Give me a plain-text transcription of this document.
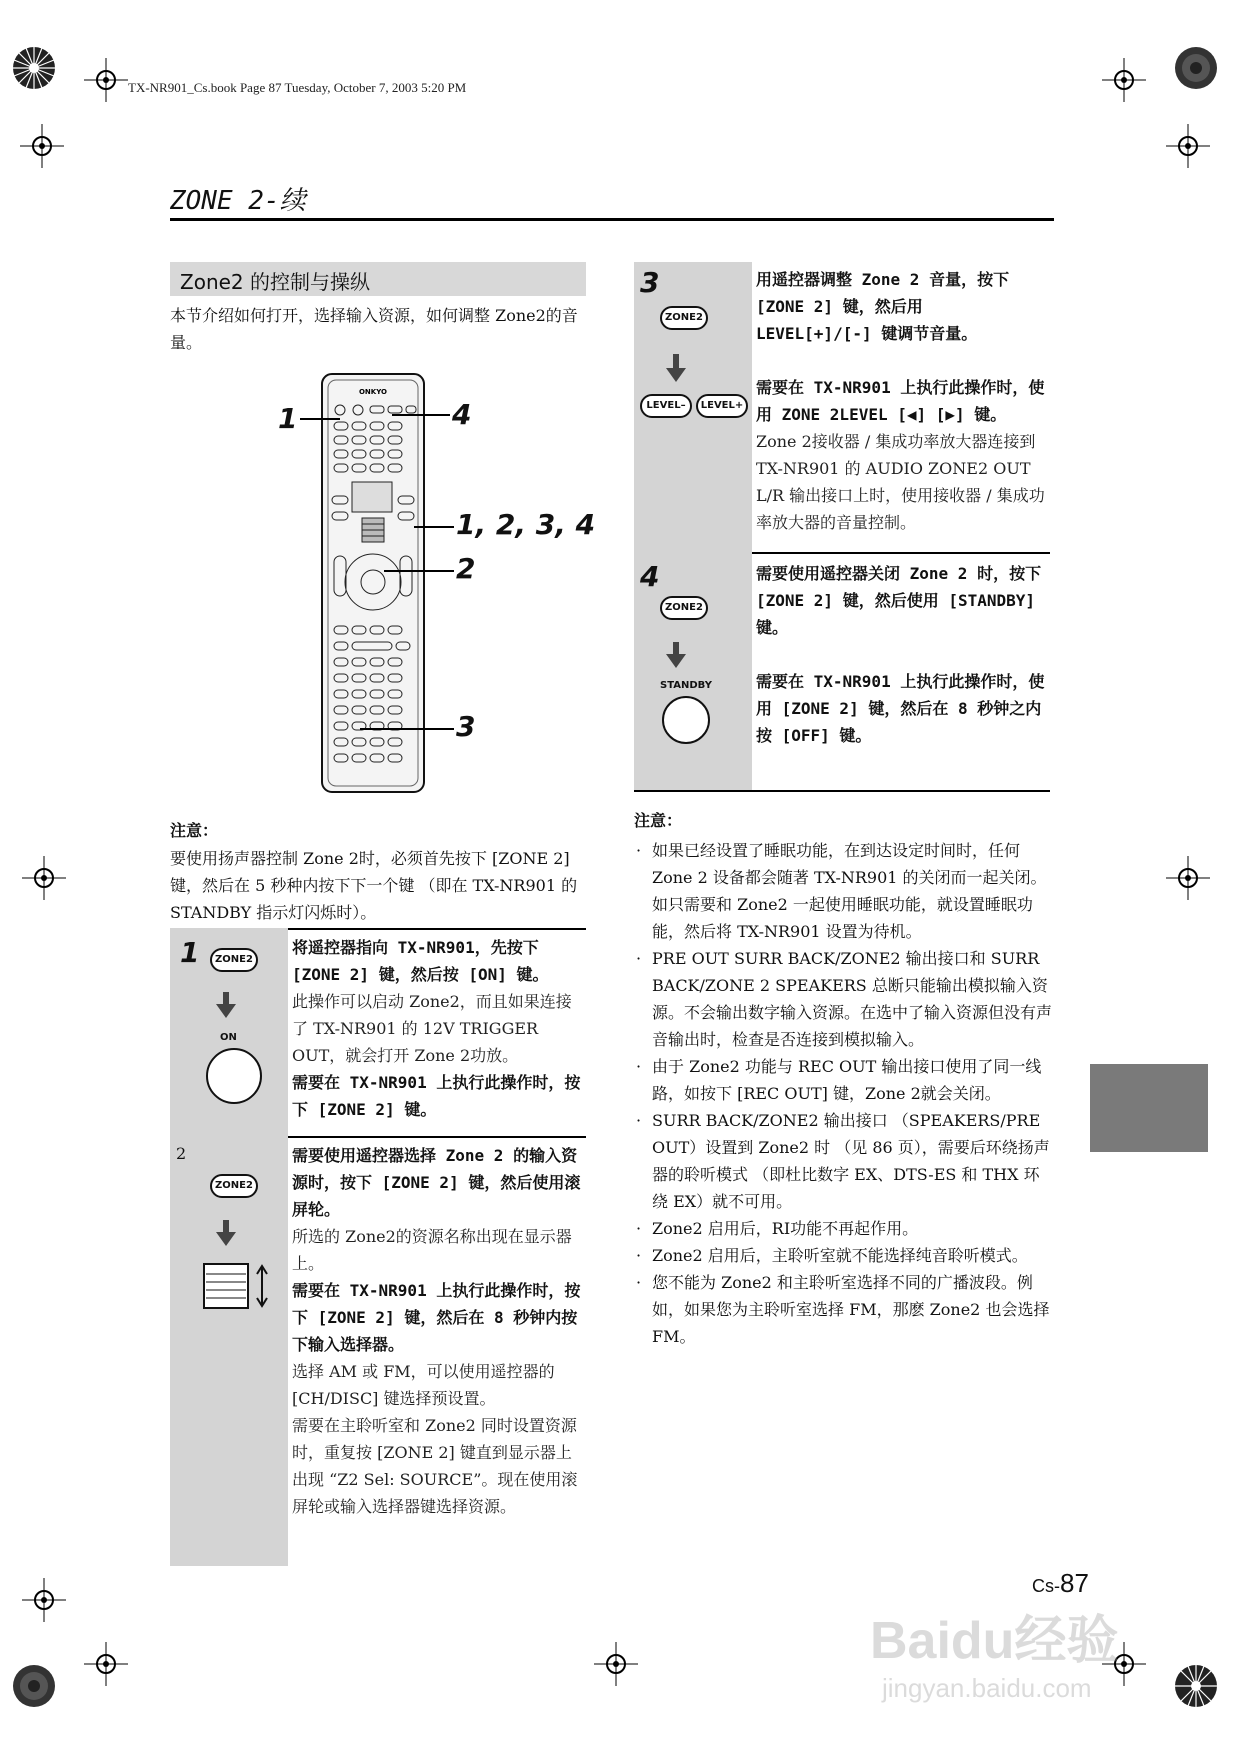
TX-NR901_Cs.book Page 87 Tuesday, October 7, 2003 5:20 PM
ZONE 2-续
Zone2 的控制与操纵
本节介绍如何打开，选择输入资源，如何调整 Zone2的音量。
ONKYO
1	4
1, 2, 3, 4
2
3
注意：
要使用扬声器控制 Zone 2时，必须首先按下 [ZONE 2] 键，然后在 5 秒种内按下下一个键 （即在 TX-NR901 的 STANDBY 指示灯闪烁时）。
1	ZONE2
ON

将遥控器指向 TX-NR901，先按下 [ZONE 2] 键，然后按 [ON] 键。

此操作可以启动 Zone2，而且如果连接了 TX-NR901 的 12V TRIGGER OUT，就会打开 Zone 2功放。

需要在 TX-NR901 上执行此操作时，按下 [ZONE 2] 键。

2
ZONE2

需要使用遥控器选择 Zone 2 的输入资源时，按下 [ZONE 2] 键，然后使用滚屏轮。

所选的 Zone2的资源名称出现在显示器上。

需要在 TX-NR901 上执行此操作时，按下 [ZONE 2] 键，然后在 8 秒钟内按下输入选择器。

选择 AM 或 FM，可以使用遥控器的 [CH/DISC] 键选择预设置。

需要在主聆听室和 Zone2 同时设置资源时，重复按 [ZONE 2] 键直到显示器上出现 “Z2 Sel: SOURCE”。现在使用滚屏轮或输入选择器键选择资源。

3
ZONE2
LEVEL–	LEVEL+

用遥控器调整 Zone 2 音量，按下 [ZONE 2] 键，然后用 LEVEL[+]/[-] 键调节音量。

需要在 TX-NR901 上执行此操作时，使用 ZONE 2LEVEL [◀] [▶] 键。

Zone 2接收器 / 集成功率放大器连接到 TX-NR901 的 AUDIO ZONE2 OUT L/R 输出接口上时，使用接收器 / 集成功率放大器的音量控制。

4
ZONE2
STANDBY

需要使用遥控器关闭 Zone 2 时，按下 [ZONE 2] 键，然后使用 [STANDBY] 键。

需要在 TX-NR901 上执行此操作时，使用 [ZONE 2] 键，然后在 8 秒钟之内按 [OFF] 键。

注意：
· 如果已经设置了睡眠功能，在到达设定时间时，任何 Zone 2 设备都会随著 TX-NR901 的关闭而一起关闭。如只需要和 Zone2 一起使用睡眠功能，就设置睡眠功能，然后将 TX-NR901 设置为待机。
· PRE OUT SURR BACK/ZONE2 输出接口和 SURR BACK/ZONE 2 SPEAKERS 总断只能输出模拟输入资源。不会输出数字输入资源。在选中了输入资源但没有声音输出时，检查是否连接到模拟输入。
· 由于 Zone2 功能与 REC OUT 输出接口使用了同一线路，如按下 [REC OUT] 键，Zone 2就会关闭。
· SURR BACK/ZONE2 输出接口 （SPEAKERS/PRE OUT）设置到 Zone2 时 （见 86 页），需要后环绕扬声器的聆听模式 （即杜比数字 EX、DTS-ES 和 THX 环绕 EX）就不可用。
· Zone2 启用后，RI功能不再起作用。
· Zone2 启用后，主聆听室就不能选择纯音聆听模式。
· 您不能为 Zone2 和主聆听室选择不同的广播波段。例如，如果您为主聆听室选择 FM，那麽 Zone2 也会选择 FM。
Cs-87
Baidu经验
jingyan.baidu.com
